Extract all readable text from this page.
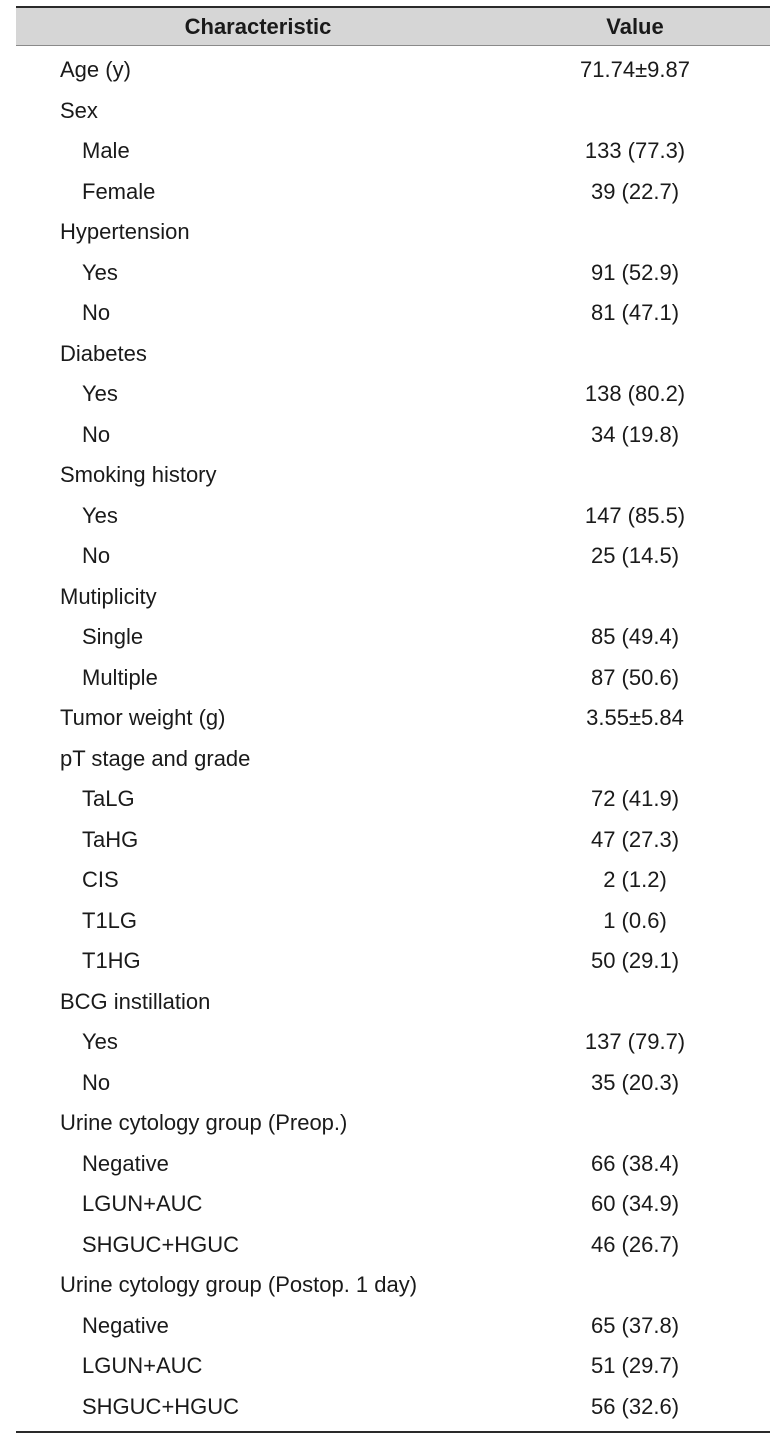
Characteristic	Value
Age (y)	71.74±9.87
Sex
Male	133 (77.3)
Female	39 (22.7)
Hypertension
Yes	91 (52.9)
No	81 (47.1)
Diabetes
Yes	138 (80.2)
No	34 (19.8)
Smoking history
Yes	147 (85.5)
No	25 (14.5)
Mutiplicity
Single	85 (49.4)
Multiple	87 (50.6)
Tumor weight (g)	3.55±5.84
pT stage and grade
TaLG	72 (41.9)
TaHG	47 (27.3)
CIS	2 (1.2)
T1LG	1 (0.6)
T1HG	50 (29.1)
BCG instillation
Yes	137 (79.7)
No	35 (20.3)
Urine cytology group (Preop.)
Negative	66 (38.4)
LGUN+AUC	60 (34.9)
SHGUC+HGUC	46 (26.7)
Urine cytology group (Postop. 1 day)
Negative	65 (37.8)
LGUN+AUC	51 (29.7)
SHGUC+HGUC	56 (32.6)
